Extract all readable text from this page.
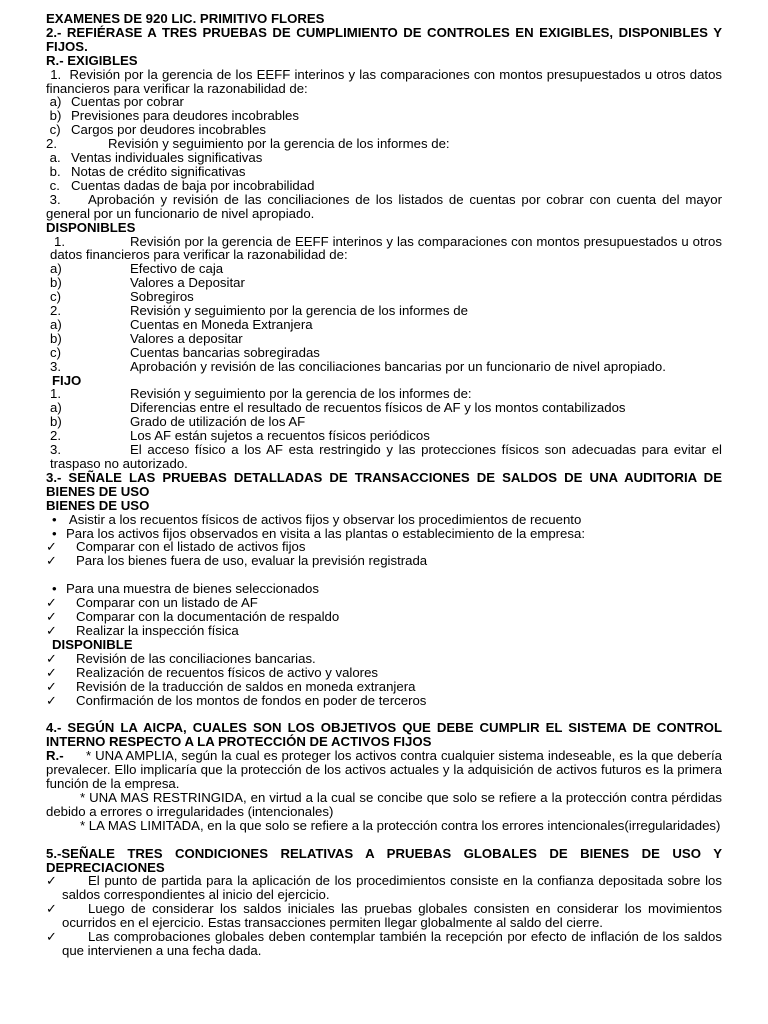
EXAMENES DE 920 LIC. PRIMITIVO FLORES
2.- REFIÉRASE A TRES PRUEBAS DE CUMPLIMIENTO DE CONTROLES EN EXIGIBLES, DISPONIBLES Y FIJOS.
R.- EXIGIBLES
1.  Revisión por la gerencia de los EEFF interinos y las comparaciones con montos presupuestados u otros datos financieros para verificar la razonabilidad de:
a) Cuentas por cobrar
b) Previsiones para deudores incobrables
c) Cargos por deudores incobrables
2.	Revisión y seguimiento por la gerencia de los informes de:
a. Ventas individuales significativas
b. Notas de crédito significativas
c. Cuentas dadas de baja por incobrabilidad
3. Aprobación y revisión de las conciliaciones de los listados de cuentas por cobrar con cuenta del mayor general por un funcionario de nivel apropiado.
DISPONIBLES
1.	Revisión por la gerencia de EEFF interinos y las comparaciones con montos presupuestados u otros datos financieros para verificar la razonabilidad de:
a)	Efectivo de caja
b)	Valores a Depositar
c)	Sobregiros
2.	Revisión y seguimiento por la gerencia de los informes de
a)	Cuentas en Moneda Extranjera
b)	Valores a depositar
c)	Cuentas bancarias sobregiradas
3.	Aprobación y revisión de las conciliaciones bancarias por un funcionario de nivel apropiado.
FIJO
1.	Revisión y seguimiento por la gerencia de los informes de:
a)	Diferencias entre el resultado de recuentos físicos de AF y los montos contabilizados
b)	Grado de utilización de los AF
2.	Los AF están sujetos a recuentos físicos periódicos
3.	El acceso físico a los AF esta restringido y las protecciones físicos son adecuadas para evitar el traspaso no autorizado.
3.- SEÑALE LAS PRUEBAS DETALLADAS DE TRANSACCIONES DE SALDOS DE UNA AUDITORIA DE BIENES DE USO
BIENES DE USO
• Asistir a los recuentos físicos de activos fijos y observar los procedimientos de recuento
• Para los activos fijos observados en visita a las plantas o establecimiento de la empresa:
✓ Comparar con el listado de activos fijos
✓ Para los bienes fuera de uso, evaluar la previsión registrada
• Para una muestra de bienes seleccionados
✓ Comparar con un listado de AF
✓ Comparar con la documentación de respaldo
✓ Realizar la inspección física
DISPONIBLE
✓ Revisión de las conciliaciones bancarias.
✓ Realización de recuentos físicos de activo y valores
✓ Revisión de la traducción de saldos en moneda extranjera
✓ Confirmación de los montos de fondos en poder de terceros
4.- SEGÚN LA AICPA, CUALES SON LOS OBJETIVOS QUE DEBE CUMPLIR EL SISTEMA DE CONTROL INTERNO RESPECTO A LA PROTECCIÓN DE ACTIVOS FIJOS
R.- * UNA AMPLIA, según la cual es proteger los activos contra cualquier sistema indeseable, es la que debería prevalecer. Ello implicaría que la protección de los activos actuales y la adquisición de activos futuros es la primera función de la empresa.
* UNA MAS RESTRINGIDA, en virtud a la cual se concibe que solo se refiere a la protección contra pérdidas debido a errores o irregularidades (intencionales)
* LA MAS LIMITADA, en la que solo se refiere a la protección contra los errores intencionales(irregularidades)
5.-SEÑALE TRES CONDICIONES RELATIVAS A PRUEBAS GLOBALES DE BIENES DE USO Y DEPRECIACIONES
✓ El punto de partida para la aplicación de los procedimientos consiste en la confianza depositada sobre los saldos correspondientes al inicio del ejercicio.
✓ Luego de considerar los saldos iniciales las pruebas globales consisten en considerar los movimientos ocurridos en el ejercicio. Estas transacciones permiten llegar globalmente al saldo del cierre.
✓ Las comprobaciones globales deben contemplar también la recepción por efecto de inflación de los saldos que intervienen a una fecha dada.
